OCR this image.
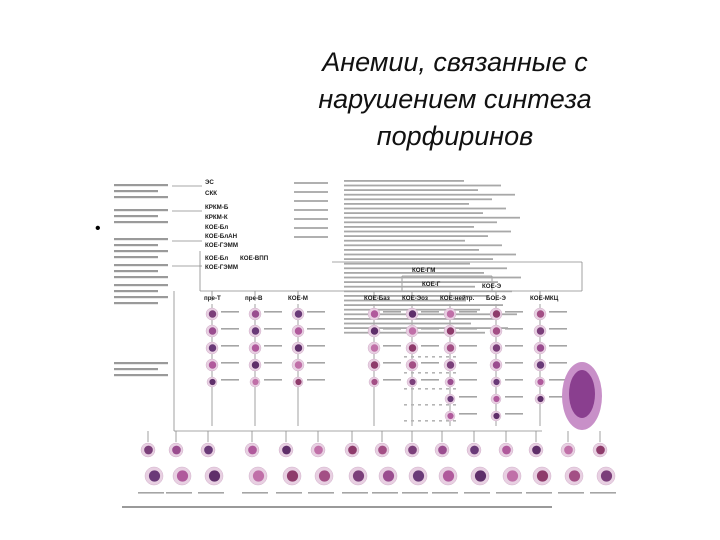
Анемии, связанные с
нарушением синтеза
порфиринов
•
ЭС
СКК
КРКМ-Б
КРКМ-К
КОЕ-Бл
КОЕ-БлАН
КОЕ-ГЭММ
КОЕ-Бл КОЕ-ВПП
КОЕ-ГЭММ	КОЕ-ГМ
КОЕ-Г	КОЕ-Э
пре-Т	пре-В	КОЕ-М	КОЕ-Баз КОЕ-Эоз КОЕ-нейтр. БОЕ-Э	КОЕ-МКЦ
